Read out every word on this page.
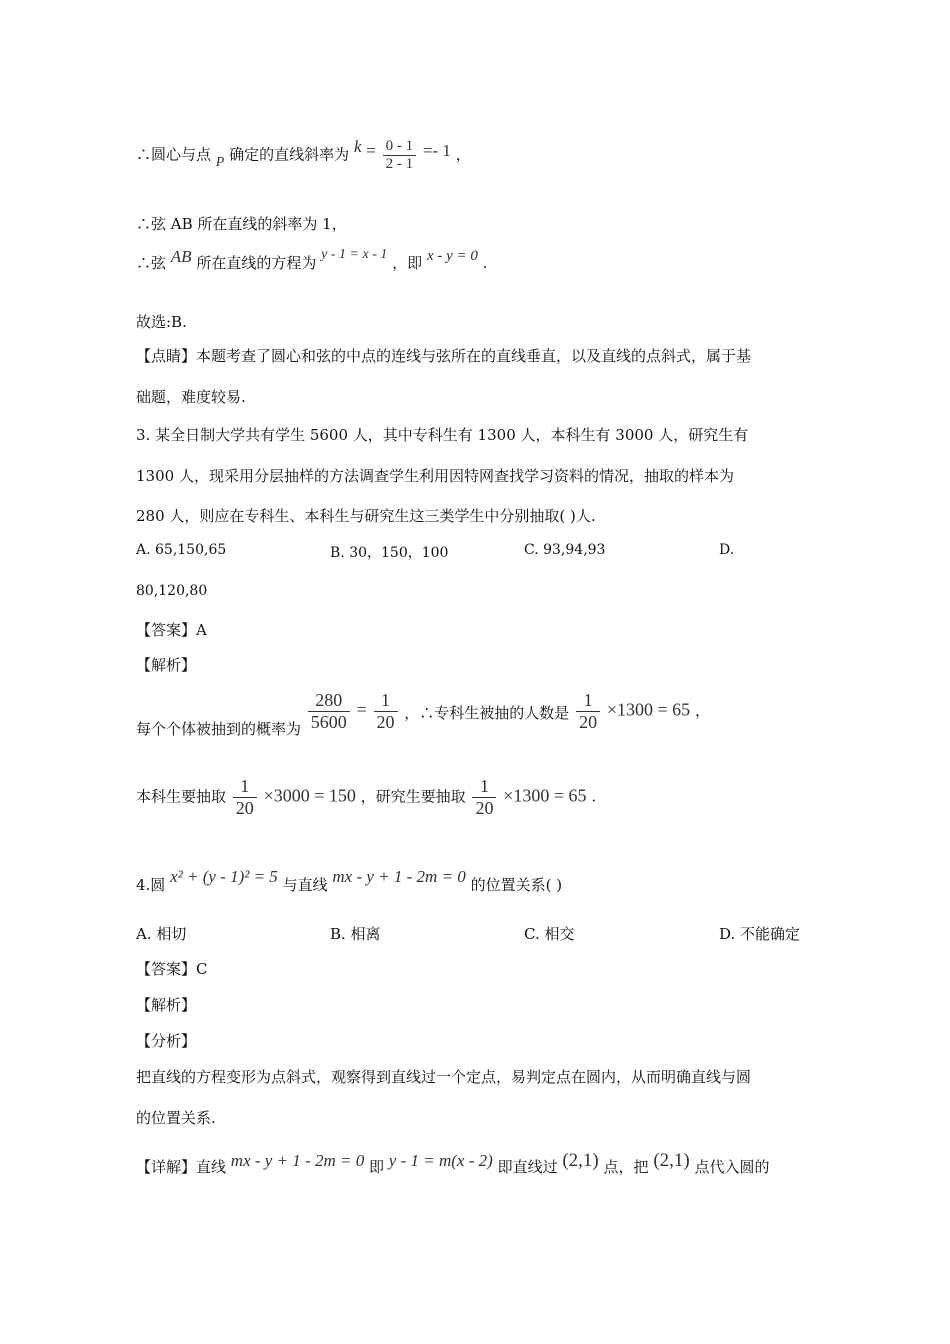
∴圆心与点 P 确定的直线斜率为 $k = \frac{0 - 1}{2 - 1} =- 1$ ，
∴弦 AB 所在直线的斜率为 1，
∴弦 AB 所在直线的方程为 y - 1 = x - 1 ，即 x - y = 0 .
故选:B.
【点睛】本题考查了圆心和弦的中点的连线与弦所在的直线垂直，以及直线的点斜式，属于基
础题，难度较易.
3. 某全日制大学共有学生 5600 人，其中专科生有 1300 人，本科生有 3000 人，研究生有
1300 人，现采用分层抽样的方法调查学生利用因特网查找学习资料的情况，抽取的样本为
280 人，则应在专科生、本科生与研究生这三类学生中分别抽取( )人.
A. 65,150,65	B. 30，150，100	C. 93,94,93	D.
80,120,80
【答案】A
【解析】
每个个体被抽到的概率为 $\frac{280}{5600} = \frac{1}{20}$ ，∴专科生被抽的人数是 $\frac{1}{20} \times 1300 = 65$ ，
本科生要抽取 $\frac{1}{20} \times 3000 = 150$ ，研究生要抽取 $\frac{1}{20} \times 1300 = 65$ .
4.圆 x² + (y - 1)² = 5 与直线 mx - y + 1 - 2m = 0 的位置关系( )
A. 相切	B. 相离	C. 相交	D. 不能确定
【答案】C
【解析】
【分析】
把直线的方程变形为点斜式，观察得到直线过一个定点，易判定点在圆内，从而明确直线与圆
的位置关系.
【详解】直线 mx - y + 1 - 2m = 0 即 y - 1 = m(x - 2) 即直线过 (2,1) 点，把 (2,1) 点代入圆的
